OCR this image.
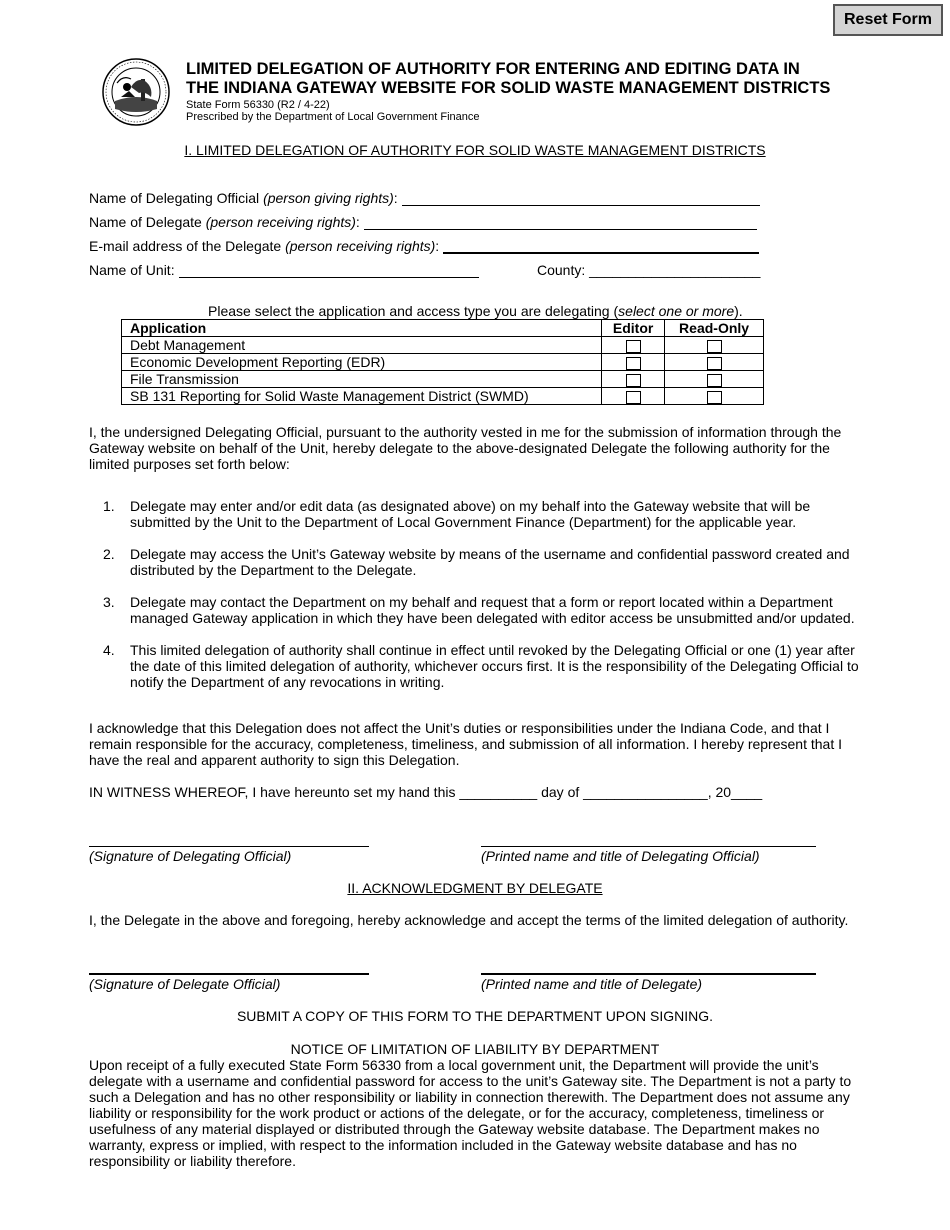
Reset Form
LIMITED DELEGATION OF AUTHORITY FOR ENTERING AND EDITING DATA IN
THE INDIANA GATEWAY WEBSITE FOR SOLID WASTE MANAGEMENT DISTRICTS
State Form 56330 (R2 / 4-22)
Prescribed by the Department of Local Government Finance
I. LIMITED DELEGATION OF AUTHORITY FOR SOLID WASTE MANAGEMENT DISTRICTS
Name of Delegating Official (person giving rights) :
Name of Delegate (person receiving rights) :
E-mail address of the Delegate (person receiving rights) :
Name of Unit:	County: ______________________
Please select the application and access type you are delegating (select one or more).
Application	Editor	Read-Only
Debt Management		
Economic Development Reporting (EDR)		
File Transmission		
SB 131 Reporting for Solid Waste Management District (SWMD)		
I, the undersigned Delegating Official, pursuant to the authority vested in me for the submission of information through the Gateway website on behalf of the Unit, hereby delegate to the above-designated Delegate the following authority for the limited purposes set forth below:
1. Delegate may enter and/or edit data (as designated above) on my behalf into the Gateway website that will be submitted by the Unit to the Department of Local Government Finance (Department) for the applicable year.
2. Delegate may access the Unit’s Gateway website by means of the username and confidential password created and distributed by the Department to the Delegate.
3. Delegate may contact the Department on my behalf and request that a form or report located within a Department managed Gateway application in which they have been delegated with editor access be unsubmitted and/or updated.
4. This limited delegation of authority shall continue in effect until revoked by the Delegating Official or one (1) year after the date of this limited delegation of authority, whichever occurs first. It is the responsibility of the Delegating Official to notify the Department of any revocations in writing.
I acknowledge that this Delegation does not affect the Unit’s duties or responsibilities under the Indiana Code, and that I remain responsible for the accuracy, completeness, timeliness, and submission of all information. I hereby represent that I have the real and apparent authority to sign this Delegation.
IN WITNESS WHEREOF, I have hereunto set my hand this __________ day of ________________, 20____
(Signature of Delegating Official)	(Printed name and title of Delegating Official)
II. ACKNOWLEDGMENT BY DELEGATE
I, the Delegate in the above and foregoing, hereby acknowledge and accept the terms of the limited delegation of authority.
(Signature of Delegate Official)	(Printed name and title of Delegate)
SUBMIT A COPY OF THIS FORM TO THE DEPARTMENT UPON SIGNING.
NOTICE OF LIMITATION OF LIABILITY BY DEPARTMENT
Upon receipt of a fully executed State Form 56330 from a local government unit, the Department will provide the unit’s delegate with a username and confidential password for access to the unit’s Gateway site. The Department is not a party to such a Delegation and has no other responsibility or liability in connection therewith. The Department does not assume any liability or responsibility for the work product or actions of the delegate, or for the accuracy, completeness, timeliness or usefulness of any material displayed or distributed through the Gateway website database. The Department makes no warranty, express or implied, with respect to the information included in the Gateway website database and has no responsibility or liability therefore.
